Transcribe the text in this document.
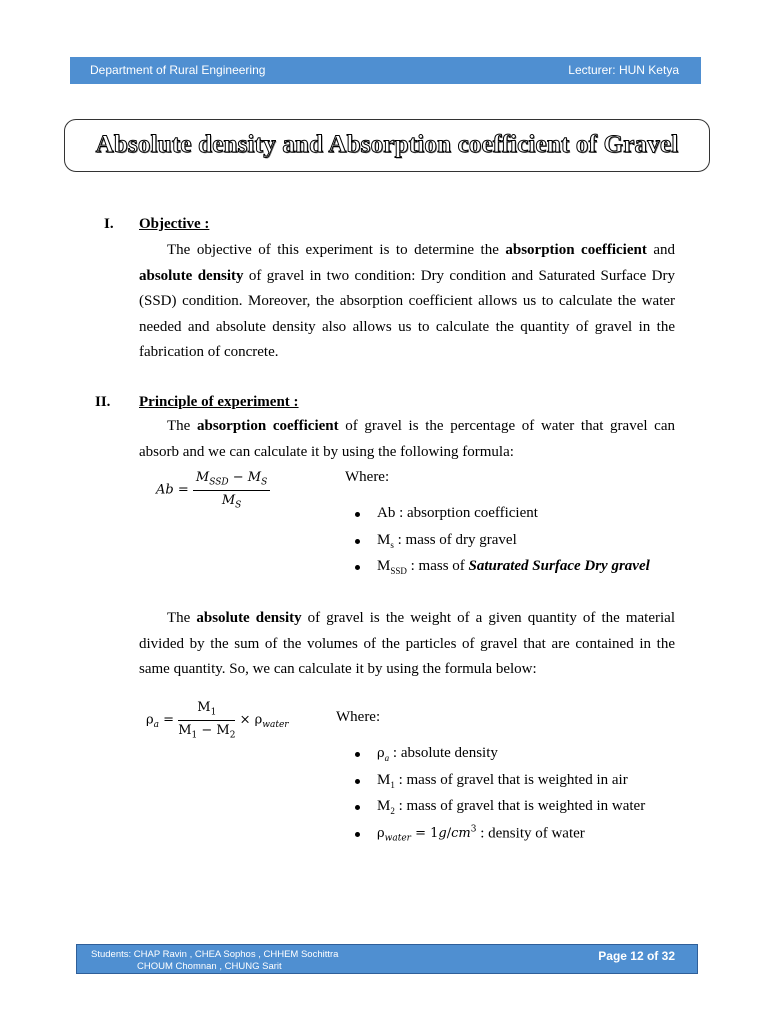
Department of Rural Engineering	Lecturer: HUN Ketya
Absolute density and Absorption coefficient of Gravel
I. Objective :
The objective of this experiment is to determine the absorption coefficient and absolute density of gravel in two condition: Dry condition and Saturated Surface Dry (SSD) condition. Moreover, the absorption coefficient allows us to calculate the water needed and absolute density also allows us to calculate the quantity of gravel in the fabrication of concrete.
II. Principle of experiment :
The absorption coefficient of gravel is the percentage of water that gravel can absorb and we can calculate it by using the following formula:
$Ab = \frac{M_{SSD} - M_S}{M_S}$	Where:
Ab : absorption coefficient
$M_s$ : mass of dry gravel
$M_{SSD}$ : mass of Saturated Surface Dry gravel
The absolute density of gravel is the weight of a given quantity of the material divided by the sum of the volumes of the particles of gravel that are contained in the same quantity. So, we can calculate it by using the formula below:
$\rho_a = \frac{M_1}{M_1 - M_2} \times \rho_{water}$
Where:
$\rho_a$ : absolute density
$M_1$ : mass of gravel that is weighted in air
$M_2$ : mass of gravel that is weighted in water
$\rho_{water} = 1g/cm^3$ : density of water
Students: CHAP Ravin , CHEA Sophos , CHHEM Sochittra
CHOUM Chomnan , CHUNG Sarit
Page 12 of 32
